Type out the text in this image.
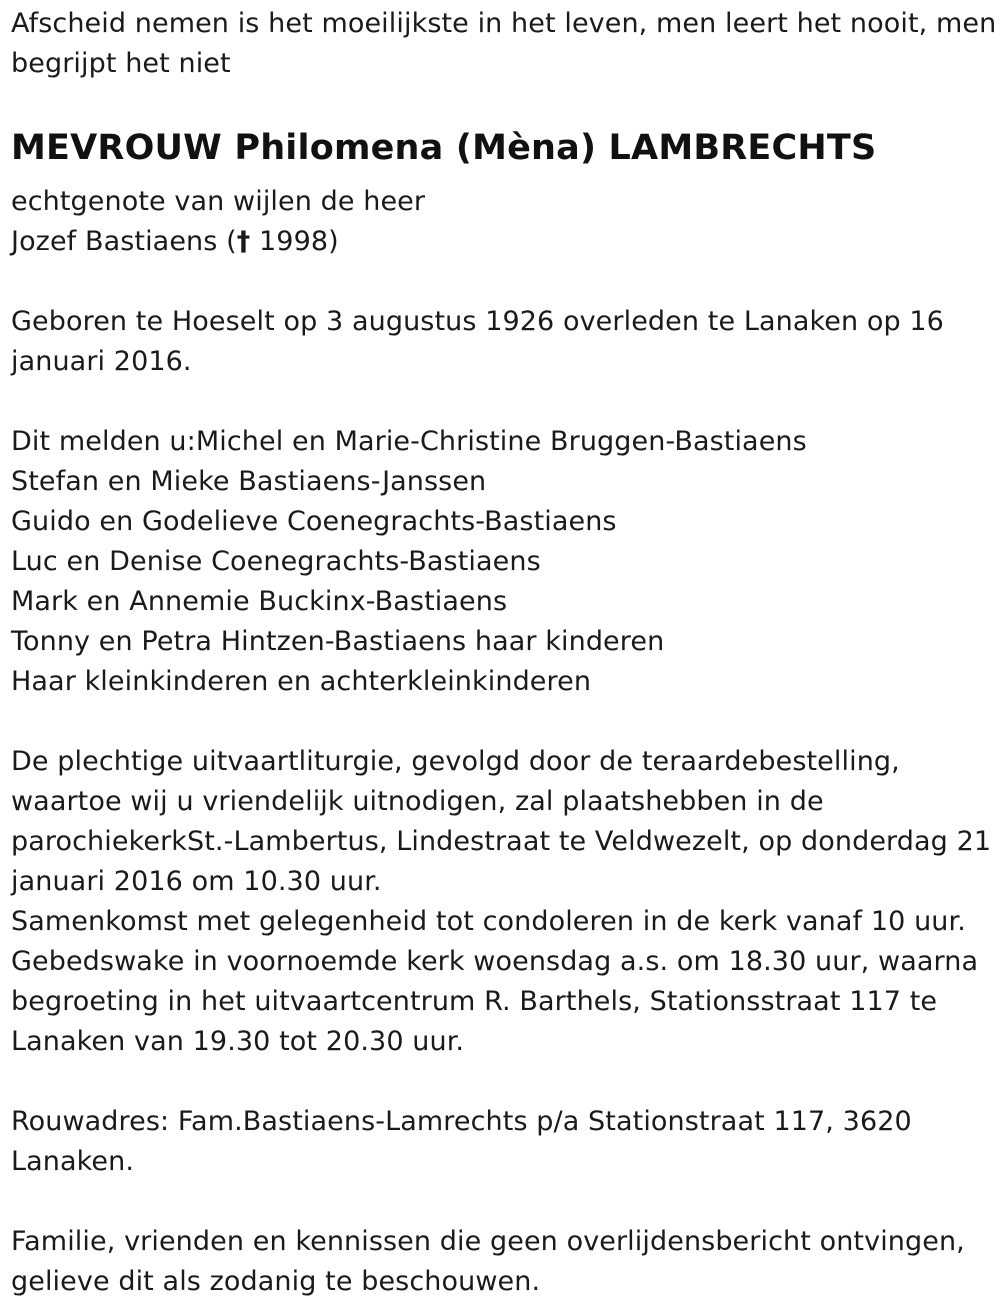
Afscheid nemen is het moeilijkste in het leven, men leert het nooit, men
begrijpt het niet
MEVROUW Philomena (Mèna) LAMBRECHTS
echtgenote van wijlen de heer
Jozef Bastiaens († 1998)
Geboren te Hoeselt op 3 augustus 1926 overleden te Lanaken op 16
januari 2016.
Dit melden u:Michel en Marie-Christine Bruggen-Bastiaens
Stefan en Mieke Bastiaens-Janssen
Guido en Godelieve Coenegrachts-Bastiaens
Luc en Denise Coenegrachts-Bastiaens
Mark en Annemie Buckinx-Bastiaens
Tonny en Petra Hintzen-Bastiaens haar kinderen
Haar kleinkinderen en achterkleinkinderen
De plechtige uitvaartliturgie, gevolgd door de teraardebestelling,
waartoe wij u vriendelijk uitnodigen, zal plaatshebben in de
parochiekerkSt.-Lambertus, Lindestraat te Veldwezelt, op donderdag 21
januari 2016 om 10.30 uur.
Samenkomst met gelegenheid tot condoleren in de kerk vanaf 10 uur.
Gebedswake in voornoemde kerk woensdag a.s. om 18.30 uur, waarna
begroeting in het uitvaartcentrum R. Barthels, Stationsstraat 117 te
Lanaken van 19.30 tot 20.30 uur.
Rouwadres: Fam.Bastiaens-Lamrechts p/a Stationstraat 117, 3620
Lanaken.
Familie, vrienden en kennissen die geen overlijdensbericht ontvingen,
gelieve dit als zodanig te beschouwen.
